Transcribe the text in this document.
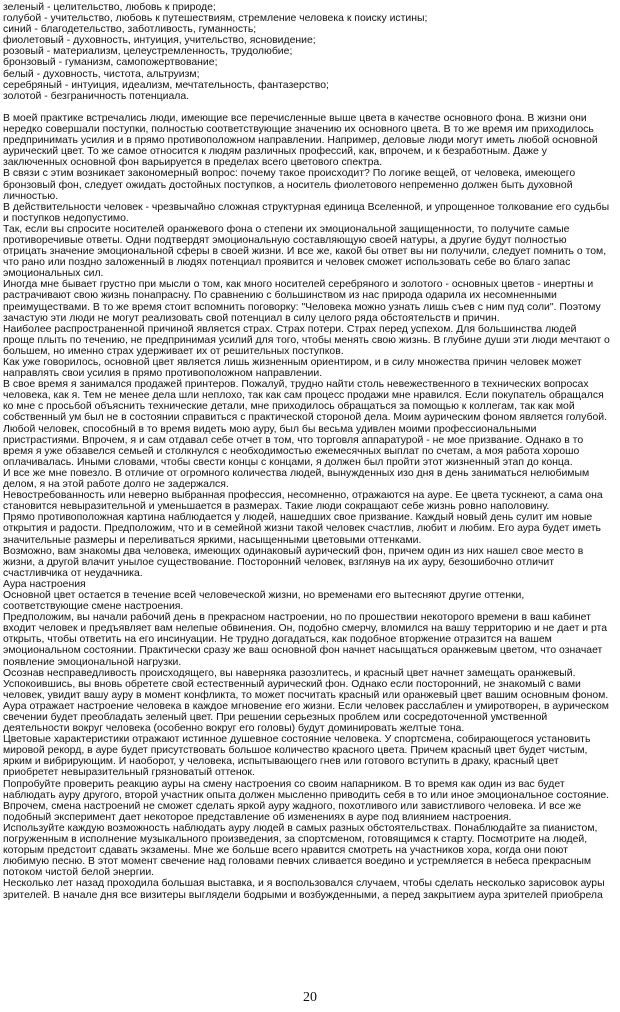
зеленый - целительство, любовь к природе;
голубой - учительство, любовь к путешествиям, стремление человека к поиску истины;
синий - благодетельство, заботливость, гуманность;
фиолетовый - духовность, интуиция, учительство, ясновидение;
розовый - материализм, целеустремленность, трудолюбие;
бронзовый - гуманизм, самопожертвование;
белый - духовность, чистота, альтруизм;
серебряный - интуиция, идеализм, мечтательность, фантазерство;
золотой - безграничность потенциала.
В моей практике встречались люди, имеющие все перечисленные выше цвета в качестве основного фона. В жизни они
нередко совершали поступки, полностью соответствующие значению их основного цвета. В то же время им приходилось
предпринимать усилия и в прямо противоположном направлении. Например, деловые люди могут иметь любой основной
аурический цвет. То же самое относится к людям различных профессий, как, впрочем, и к безработным. Даже у
заключенных основной фон варьируется в пределах всего цветового спектра.
В связи с этим возникает закономерный вопрос: почему такое происходит? По логике вещей, от человека, имеющего
бронзовый фон, следует ожидать достойных поступков, а носитель фиолетового непременно должен быть духовной
личностью.
В действительности человек - чрезвычайно сложная структурная единица Вселенной, и упрощенное толкование его судьбы
и поступков недопустимо.
Так, если вы спросите носителей оранжевого фона о степени их эмоциональной защищенности, то получите самые
противоречивые ответы. Одни подтвердят эмоциональную составляющую своей натуры, а другие будут полностью
отрицать значение эмоциональной сферы в своей жизни. И все же, какой бы ответ вы ни получили, следует помнить о том,
что рано или поздно заложенный в людях потенциал проявится и человек сможет использовать себе во благо запас
эмоциональных сил.
Иногда мне бывает грустно при мысли о том, как много носителей серебряного и золотого - основных цветов - инертны и
растрачивают свою жизнь понапрасну. По сравнению с большинством из нас природа одарила их несомненными
преимуществами. В то же время стоит вспомнить поговорку: "Человека можно узнать лишь съев с ним пуд соли". Поэтому
зачастую эти люди не могут реализовать свой потенциал в силу целого ряда обстоятельств и причин.
Наиболее распространенной причиной является страх. Страх потери. Страх перед успехом. Для большинства людей
проще плыть по течению, не предпринимая усилий для того, чтобы менять свою жизнь. В глубине души эти люди мечтают о
большем, но именно страх удерживает их от решительных поступков.
Как уже говорилось, основной цвет является лишь жизненным ориентиром, и в силу множества причин человек может
направлять свои усилия в прямо противоположном направлении.
В свое время я занимался продажей принтеров. Пожалуй, трудно найти столь невежественного в технических вопросах
человека, как я. Тем не менее дела шли неплохо, так как сам процесс продажи мне нравился. Если покупатель обращался
ко мне с просьбой объяснить технические детали, мне приходилось обращаться за помощью к коллегам, так как мой
собственный ум был не в состоянии справиться с практической стороной дела. Моим аурическим фоном является голубой.
Любой человек, способный в то время видеть мою ауру, был бы весьма удивлен моими профессиональными
пристрастиями. Впрочем, я и сам отдавал себе отчет в том, что торговля аппаратурой - не мое призвание. Однако в то
время я уже обзавелся семьей и столкнулся с необходимостью ежемесячных выплат по счетам, а моя работа хорошо
оплачивалась. Иными словами, чтобы свести концы с концами, я должен был пройти этот жизненный этап до конца.
И все же мне повезло. В отличие от огромного количества людей, вынужденных изо дня в день заниматься нелюбимым
делом, я на этой работе долго не задержался.
Невостребованность или неверно выбранная профессия, несомненно, отражаются на ауре. Ее цвета тускнеют, а сама она
становится невыразительной и уменьшается в размерах. Такие люди сокращают себе жизнь ровно наполовину.
Прямо противоположная картина наблюдается у людей, нашедших свое призвание. Каждый новый день сулит им новые
открытия и радости. Предположим, что и в семейной жизни такой человек счастлив, любит и любим. Его аура будет иметь
значительные размеры и переливаться яркими, насыщенными цветовыми оттенками.
Возможно, вам знакомы два человека, имеющих одинаковый аурический фон, причем один из них нашел свое место в
жизни, а другой влачит унылое существование. Посторонний человек, взглянув на их ауру, безошибочно отличит
счастливчика от неудачника.
Аура настроения
Основной цвет остается в течение всей человеческой жизни, но временами его вытесняют другие оттенки,
соответствующие смене настроения.
Предположим, вы начали рабочий день в прекрасном настроении, но по прошествии некоторого времени в ваш кабинет
входит человек и предъявляет вам нелепые обвинения. Он, подобно смерчу, вломился на вашу территорию и не дает и рта
открыть, чтобы ответить на его инсинуации. Не трудно догадаться, как подобное вторжение отразится на вашем
эмоциональном состоянии. Практически сразу же ваш основной фон начнет насыщаться оранжевым цветом, что означает
появление эмоциональной нагрузки.
Осознав несправедливость происходящего, вы наверняка разозлитесь, и красный цвет начнет замещать оранжевый.
Успокоившись, вы вновь обретете свой естественный аурический фон. Однако если посторонний, не знакомый с вами
человек, увидит вашу ауру в момент конфликта, то может посчитать красный или оранжевый цвет вашим основным фоном.
Аура отражает настроение человека в каждое мгновение его жизни. Если человек расслаблен и умиротворен, в аурическом
свечении будет преобладать зеленый цвет. При решении серьезных проблем или сосредоточенной умственной
деятельности вокруг человека (особенно вокруг его головы) будут доминировать желтые тона.
Цветовые характеристики отражают истинное душевное состояние человека. У спортсмена, собирающегося установить
мировой рекорд, в ауре будет присутствовать большое количество красного цвета. Причем красный цвет будет чистым,
ярким и вибрирующим. И наоборот, у человека, испытывающего гнев или готового вступить в драку, красный цвет
приобретет невыразительный грязноватый оттенок.
Попробуйте проверить реакцию ауры на смену настроения со своим напарником. В то время как один из вас будет
наблюдать ауру другого, второй участник опыта должен мысленно приводить себя в то или иное эмоциональное состояние.
Впрочем, смена настроений не сможет сделать яркой ауру жадного, похотливого или завистливого человека. И все же
подобный эксперимент дает некоторое представление об изменениях в ауре под влиянием настроения.
Используйте каждую возможность наблюдать ауру людей в самых разных обстоятельствах. Понаблюдайте за пианистом,
погруженным в исполнение музыкального произведения, за спортсменом, готовящимся к старту. Посмотрите на людей,
которым предстоит сдавать экзамены. Мне же больше всего нравится смотреть на участников хора, когда они поют
любимую песню. В этот момент свечение над головами певчих сливается воедино и устремляется в небеса прекрасным
потоком чистой белой энергии.
Несколько лет назад проходила большая выставка, и я воспользовался случаем, чтобы сделать несколько зарисовок ауры
зрителей. В начале дня все визитеры выглядели бодрыми и возбужденными, а перед закрытием аура зрителей приобрела
20
